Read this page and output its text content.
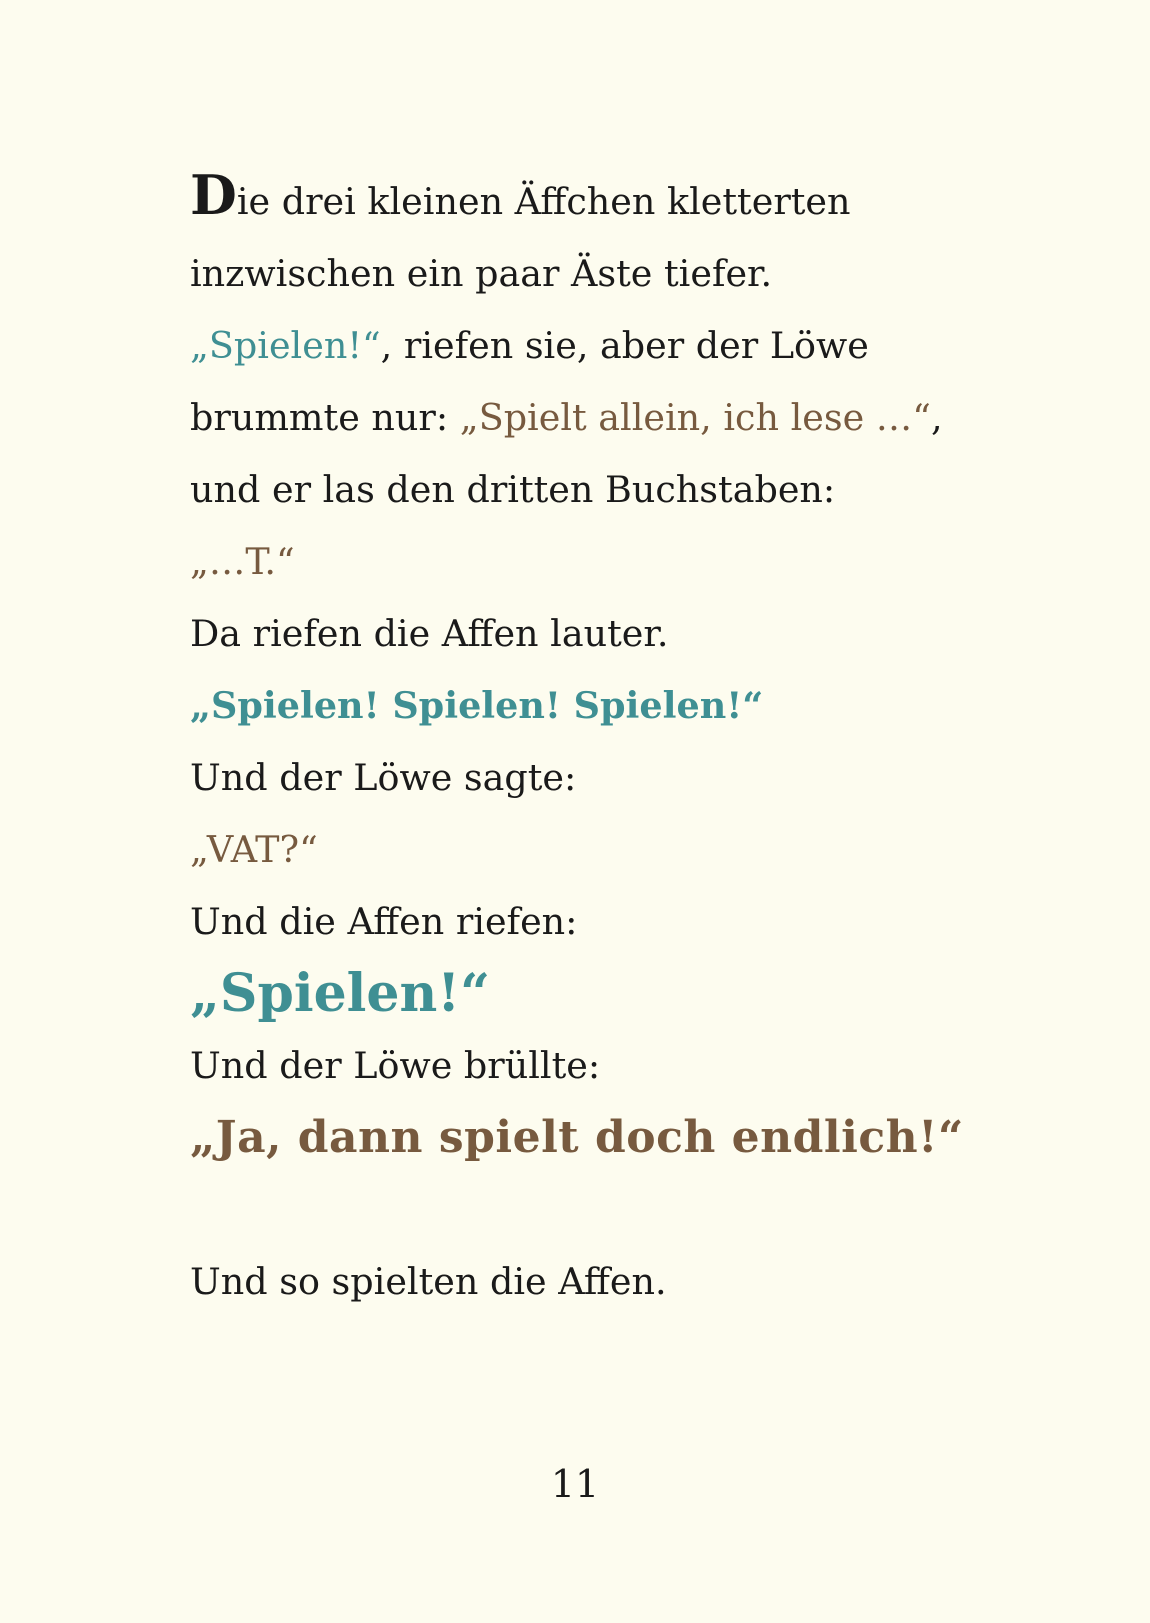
Die drei kleinen Äffchen kletterten
inzwischen ein paar Äste tiefer.
„Spielen!“, riefen sie, aber der Löwe
brummte nur: „Spielt allein, ich lese …“,
und er las den dritten Buchstaben:
„…T.“
Da riefen die Affen lauter.
„Spielen! Spielen! Spielen!“
Und der Löwe sagte:
„VAT?“
Und die Affen riefen:
„Spielen!“
Und der Löwe brüllte:
„Ja, dann spielt doch endlich!“
Und so spielten die Affen.
11
